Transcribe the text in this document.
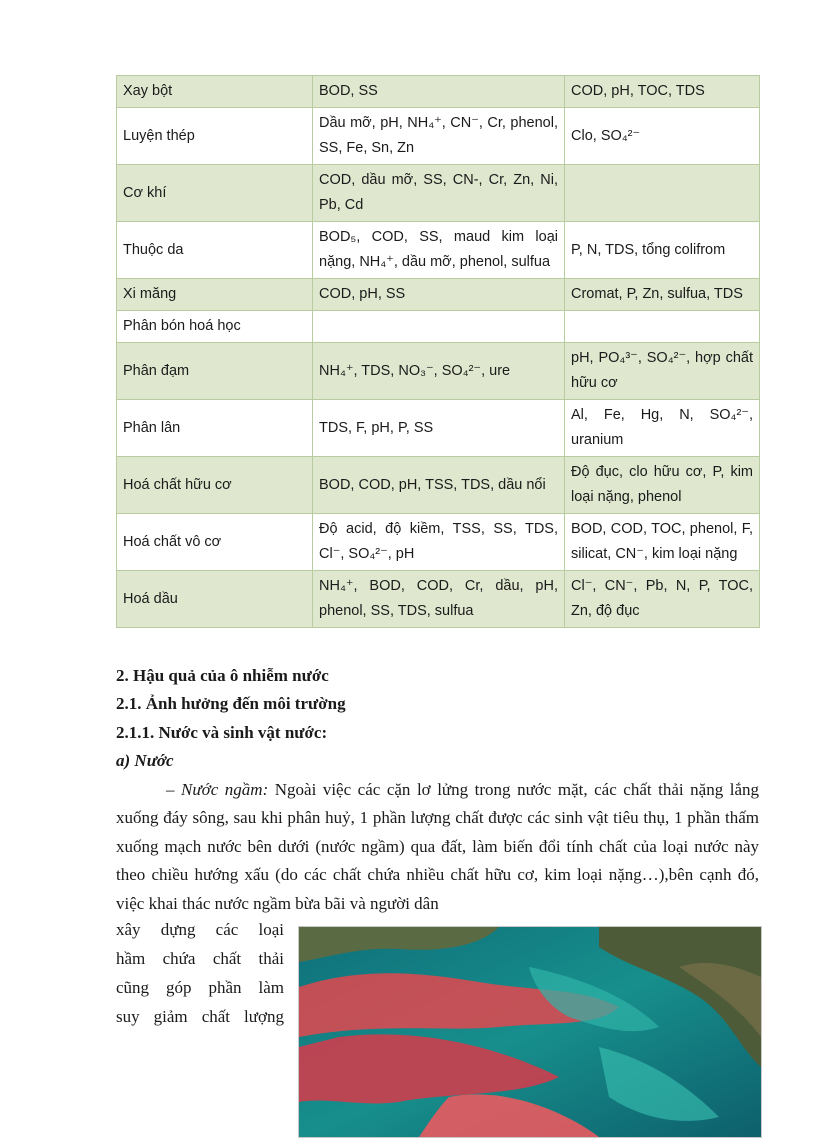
Xay bột	BOD, SS	COD, pH, TOC, TDS
Luyện thép	Dầu mỡ, pH, NH₄⁺, CN⁻, Cr, phenol, SS, Fe, Sn, Zn	Clo, SO₄²⁻
Cơ khí	COD, dầu mỡ, SS, CN-, Cr, Zn, Ni, Pb, Cd	
Thuộc da	BOD₅, COD, SS, maud kim loại nặng, NH₄⁺, dầu mỡ, phenol, sulfua	P, N, TDS, tổng colifrom
Xi măng	COD, pH, SS	Cromat, P, Zn, sulfua, TDS
Phân bón hoá học		
Phân đạm	NH₄⁺, TDS, NO₃⁻, SO₄²⁻, ure	pH, PO₄³⁻, SO₄²⁻, hợp chất hữu cơ
Phân lân	TDS, F, pH, P, SS	Al, Fe, Hg, N, SO₄²⁻, uranium
Hoá chất hữu cơ	BOD, COD, pH, TSS, TDS, dầu nổi	Độ đục, clo hữu cơ, P, kim loại nặng, phenol
Hoá chất vô cơ	Độ acid, độ kiềm, TSS, SS, TDS, Cl⁻, SO₄²⁻, pH	BOD, COD, TOC, phenol, F, silicat, CN⁻, kim loại nặng
Hoá dầu	NH₄⁺, BOD, COD, Cr, dầu, pH, phenol, SS, TDS, sulfua	Cl⁻, CN⁻, Pb, N, P, TOC, Zn, độ đục
2. Hậu quả của ô nhiễm nước
2.1. Ảnh hưởng đến môi trường
2.1.1. Nước và sinh vật nước:
a) Nước
– Nước ngầm: Ngoài việc các cặn lơ lửng trong nước mặt, các chất thải nặng lắng xuống đáy sông, sau khi phân huỷ, 1 phần lượng chất được các sinh vật tiêu thụ, 1 phần thấm xuống mạch nước bên dưới (nước ngầm) qua đất, làm biến đổi tính chất của loại nước này theo chiều hướng xấu (do các chất chứa nhiều chất hữu cơ, kim loại nặng…),bên cạnh đó, việc khai thác nước ngầm bừa bãi và người dân
xây dựng các loại
hầm chứa chất thải
cũng góp phần làm
suy giảm chất lượng
